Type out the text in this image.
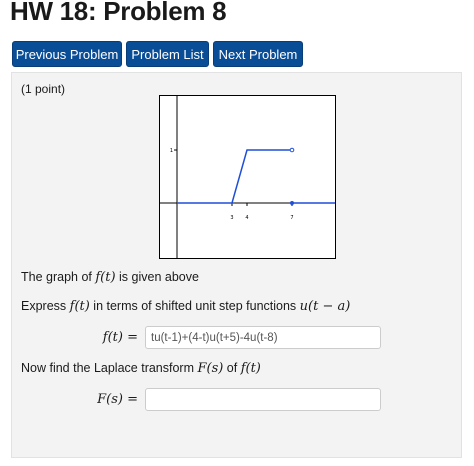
HW 18: Problem 8
Previous Problem	Problem List	Next Problem
(1 point)
1
3 4	7
The graph of f(t) is given above
Express f(t) in terms of shifted unit step functions u(t − a)
f(t) =
tu(t-1)+(4-t)u(t+5)-4u(t-8)
Now find the Laplace transform F(s) of f(t)
F(s) =
